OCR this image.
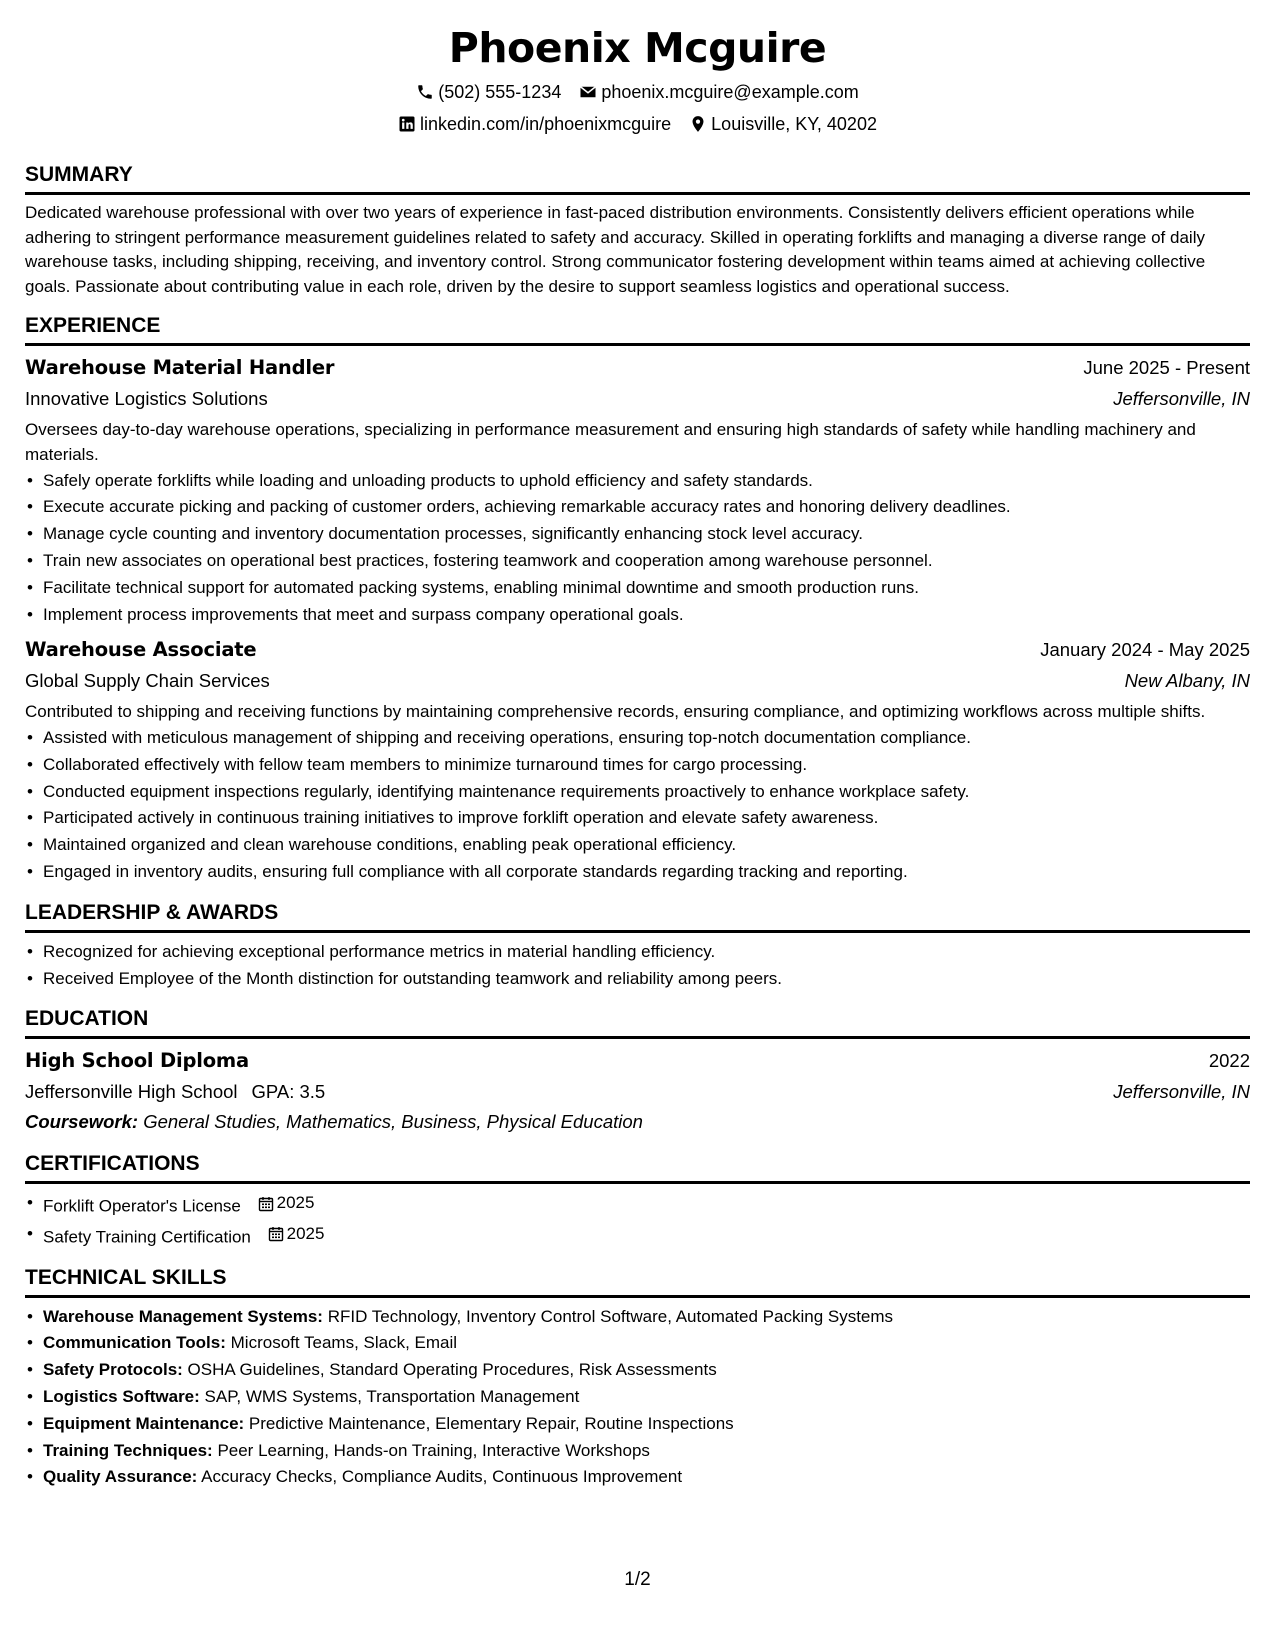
Phoenix Mcguire
(502) 555-1234 phoenix.mcguire@example.com
linkedin.com/in/phoenixmcguire Louisville, KY, 40202
SUMMARY
Dedicated warehouse professional with over two years of experience in fast-paced distribution environments. Consistently delivers efficient operations while adhering to stringent performance measurement guidelines related to safety and accuracy. Skilled in operating forklifts and managing a diverse range of daily warehouse tasks, including shipping, receiving, and inventory control. Strong communicator fostering development within teams aimed at achieving collective goals. Passionate about contributing value in each role, driven by the desire to support seamless logistics and operational success.
EXPERIENCE
Warehouse Material Handler	June 2025 - Present
Innovative Logistics Solutions	Jeffersonville, IN
Oversees day-to-day warehouse operations, specializing in performance measurement and ensuring high standards of safety while handling machinery and materials.
• Safely operate forklifts while loading and unloading products to uphold efficiency and safety standards.
• Execute accurate picking and packing of customer orders, achieving remarkable accuracy rates and honoring delivery deadlines.
• Manage cycle counting and inventory documentation processes, significantly enhancing stock level accuracy.
• Train new associates on operational best practices, fostering teamwork and cooperation among warehouse personnel.
• Facilitate technical support for automated packing systems, enabling minimal downtime and smooth production runs.
• Implement process improvements that meet and surpass company operational goals.
Warehouse Associate	January 2024 - May 2025
Global Supply Chain Services	New Albany, IN
Contributed to shipping and receiving functions by maintaining comprehensive records, ensuring compliance, and optimizing workflows across multiple shifts.
• Assisted with meticulous management of shipping and receiving operations, ensuring top-notch documentation compliance.
• Collaborated effectively with fellow team members to minimize turnaround times for cargo processing.
• Conducted equipment inspections regularly, identifying maintenance requirements proactively to enhance workplace safety.
• Participated actively in continuous training initiatives to improve forklift operation and elevate safety awareness.
• Maintained organized and clean warehouse conditions, enabling peak operational efficiency.
• Engaged in inventory audits, ensuring full compliance with all corporate standards regarding tracking and reporting.
LEADERSHIP & AWARDS
• Recognized for achieving exceptional performance metrics in material handling efficiency.
• Received Employee of the Month distinction for outstanding teamwork and reliability among peers.
EDUCATION
High School Diploma	2022
Jeffersonville High School GPA: 3.5	Jeffersonville, IN
Coursework: General Studies, Mathematics, Business, Physical Education
CERTIFICATIONS
• Forklift Operator's License 2025
• Safety Training Certification 2025
TECHNICAL SKILLS
• Warehouse Management Systems: RFID Technology, Inventory Control Software, Automated Packing Systems
• Communication Tools: Microsoft Teams, Slack, Email
• Safety Protocols: OSHA Guidelines, Standard Operating Procedures, Risk Assessments
• Logistics Software: SAP, WMS Systems, Transportation Management
• Equipment Maintenance: Predictive Maintenance, Elementary Repair, Routine Inspections
• Training Techniques: Peer Learning, Hands-on Training, Interactive Workshops
• Quality Assurance: Accuracy Checks, Compliance Audits, Continuous Improvement
1/2
